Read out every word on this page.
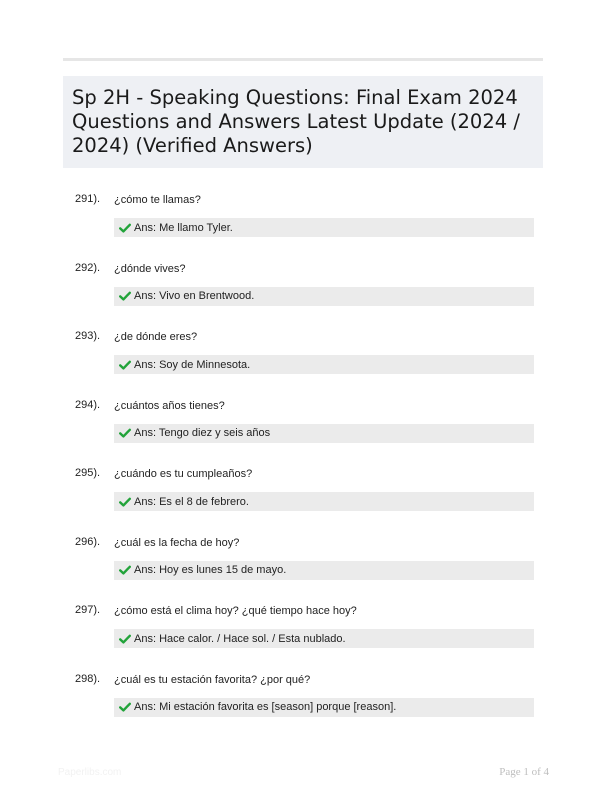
Sp 2H - Speaking Questions: Final Exam 2024 Questions and Answers Latest Update (2024 / 2024) (Verified Answers)
291). ¿cómo te llamas?
Ans: Me llamo Tyler.
292). ¿dónde vives?
Ans: Vivo en Brentwood.
293). ¿de dónde eres?
Ans: Soy de Minnesota.
294). ¿cuántos años tienes?
Ans: Tengo diez y seis años
295). ¿cuándo es tu cumpleaños?
Ans: Es el 8 de febrero.
296). ¿cuál es la fecha de hoy?
Ans: Hoy es lunes 15 de mayo.
297). ¿cómo está el clima hoy? ¿qué tiempo hace hoy?
Ans: Hace calor. / Hace sol. / Esta nublado.
298). ¿cuál es tu estación favorita? ¿por qué?
Ans: Mi estación favorita es [season] porque [reason].
Paperlibs.com	Page 1 of 4
